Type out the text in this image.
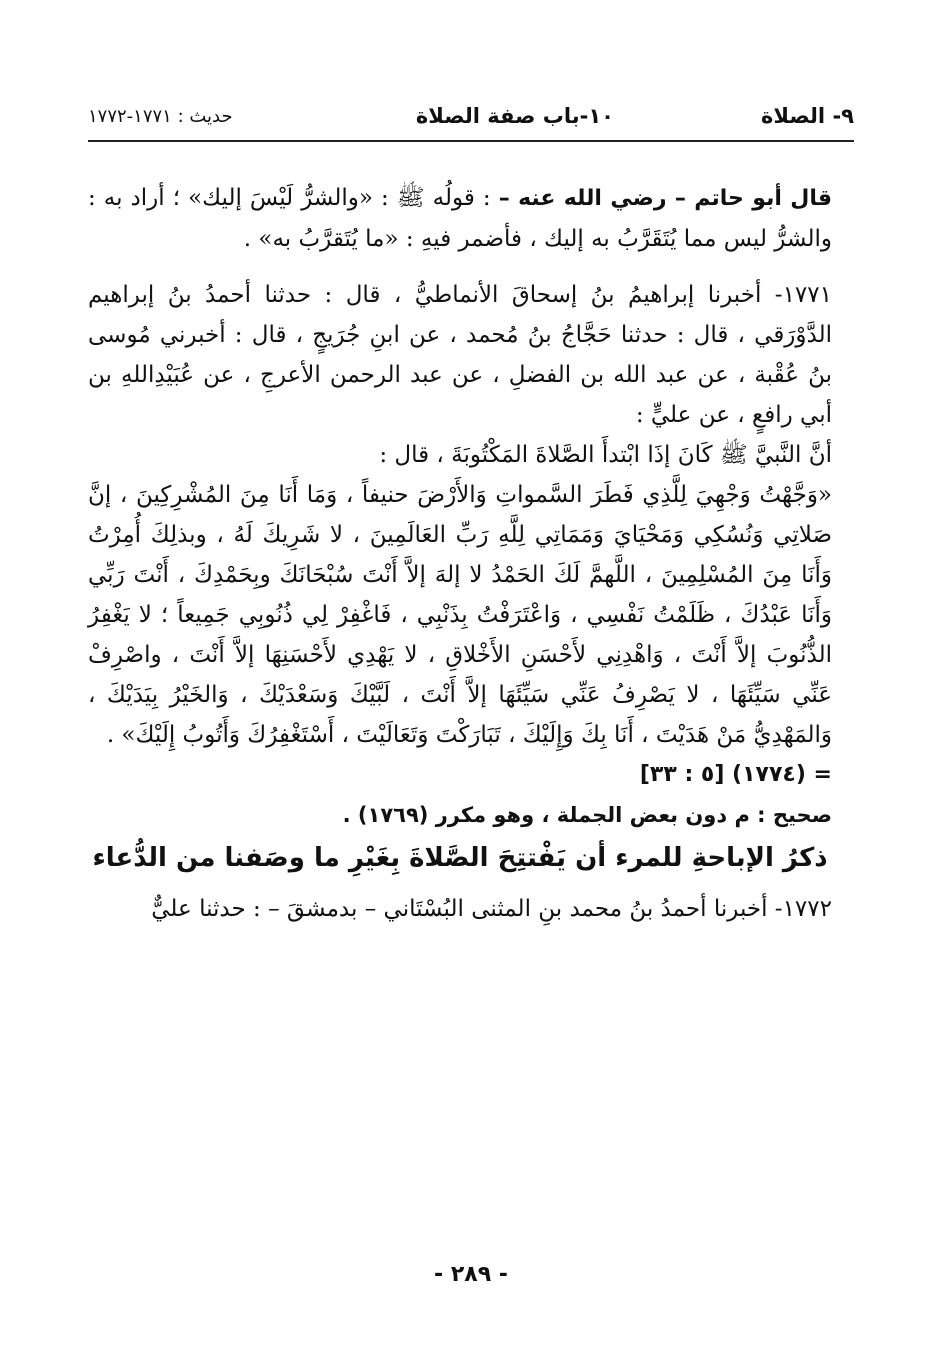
٩- الصلاة
١٠-باب صفة الصلاة
حديث : ١٧٧١-١٧٧٢

قال أبو حاتم – رضي الله عنه – : قولُه ﷺ : «والشرُّ لَيْسَ إليك» ؛ أراد به : والشرُّ ليس مما يُتَقَرَّبُ به إليك ، فأضمر فيهِ : «ما يُتَقرَّبُ به» .

١٧٧١- أخبرنا إبراهيمُ بنُ إسحاقَ الأنماطيُّ ، قال : حدثنا أحمدُ بنُ إبراهيم الدَّوْرَقي ، قال : حدثنا حَجَّاجُ بنُ مُحمد ، عن ابنِ جُرَيجٍ ، قال : أخبرني مُوسى بنُ عُقْبة ، عن عبد الله بن الفضلِ ، عن عبد الرحمن الأعرجِ ، عن عُبَيْدِاللهِ بن أبي رافعٍ ، عن عليٍّ :

أنَّ النَّبيَّ ﷺ كَانَ إذَا ابْتدأَ الصَّلاةَ المَكْتُوبَةَ ، قال :

«وَجَّهْتُ وَجْهِيَ لِلَّذِي فَطَرَ السَّمواتِ وَالأَرْضَ حنيفاً ، وَمَا أَنَا مِنَ المُشْرِكِينَ ، إنَّ صَلاتِي وَنُسُكِي وَمَحْيَايَ وَمَمَاتِي لِلَّهِ رَبِّ العَالَمِينَ ، لا شَرِيكَ لَهُ ، وبذلِكَ أُمِرْتُ وَأَنَا مِنَ المُسْلِمِينَ ، اللَّهمَّ لَكَ الحَمْدُ لا إلهَ إلاَّ أَنْتَ سُبْحَانَكَ وبِحَمْدِكَ ، أَنْتَ رَبِّي وَأَنَا عَبْدُكَ ، ظَلَمْتُ نَفْسِي ، وَاعْتَرَفْتُ بِذَنْبِي ، فَاغْفِرْ لِي ذُنُوبِي جَمِيعاً ؛ لا يَغْفِرُ الذُّنُوبَ إلاَّ أَنْتَ ، وَاهْدِنِي لأَحْسَنِ الأَخْلاقِ ، لا يَهْدِي لأَحْسَنِهَا إلاَّ أَنْتَ ، واصْرِفْ عَنِّي سَيِّئَهَا ، لا يَصْرِفُ عَنِّي سَيِّئَهَا إلاَّ أَنْتَ ، لَبَّيْكَ وَسَعْدَيْكَ ، وَالخَيْرُ بِيَدَيْكَ ، وَالمَهْدِيُّ مَنْ هَدَيْتَ ، أَنَا بِكَ وَإِلَيْكَ ، تَبَارَكْتَ وَتَعَالَيْتَ ، أَسْتَغْفِرُكَ وَأَتُوبُ إِلَيْكَ» .

= (١٧٧٤) [٥ : ٣٣]

صحيح : م دون بعض الجملة ، وهو مكرر (١٧٦٩) .

ذكرُ الإباحةِ للمرء أن يَفْتتِحَ الصَّلاةَ بِغَيْرِ ما وصَفنا من الدُّعاء

١٧٧٢- أخبرنا أحمدُ بنُ محمد بنِ المثنى البُسْتَاني – بدمشقَ – : حدثنا عليٌّ

- ٢٨٩ -
